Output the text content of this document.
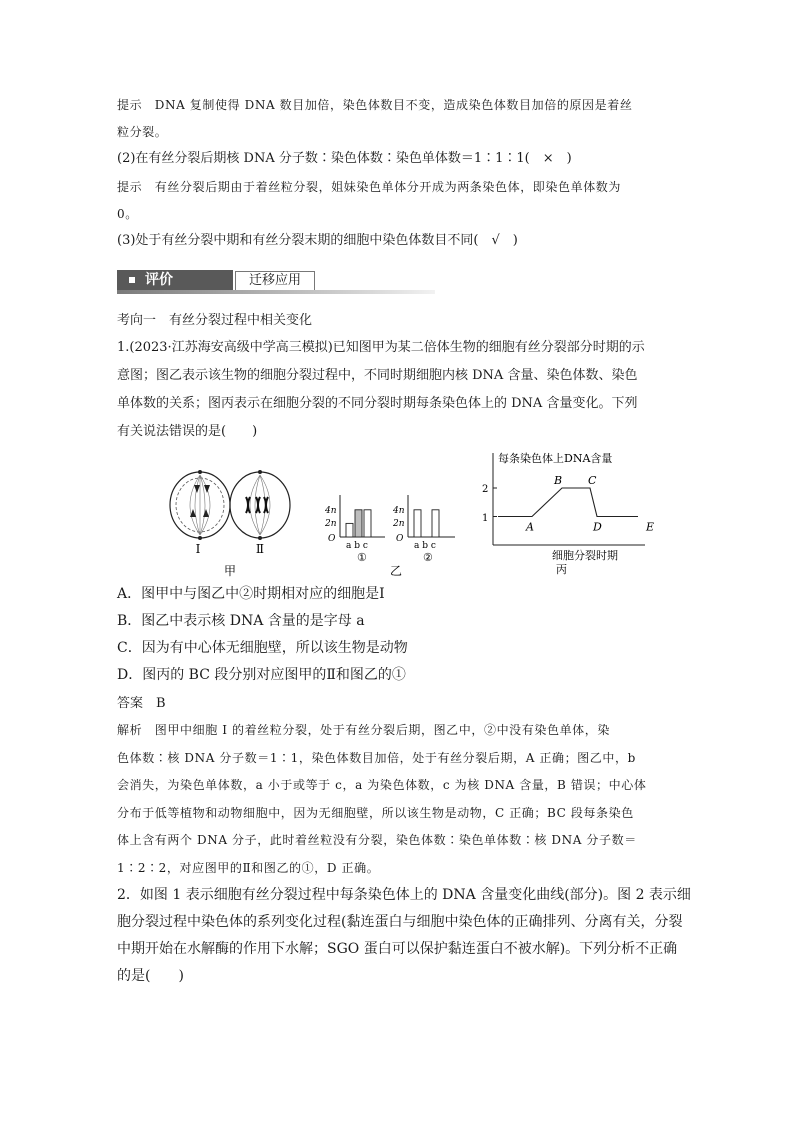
提示　DNA 复制使得 DNA 数目加倍，染色体数目不变，造成染色体数目加倍的原因是着丝
粒分裂。
(2)在有丝分裂后期核 DNA 分子数∶染色体数∶染色单体数＝1∶1∶1(　×　)
提示　有丝分裂后期由于着丝粒分裂，姐妹染色单体分开成为两条染色体，即染色单体数为
0。
(3)处于有丝分裂中期和有丝分裂末期的细胞中染色体数目不同(　√　)
评价	迁移应用
考向一　有丝分裂过程中相关变化
1.(2023·江苏海安高级中学高三模拟)已知图甲为某二倍体生物的细胞有丝分裂部分时期的示
意图；图乙表示该生物的细胞分裂过程中，不同时期细胞内核 DNA 含量、染色体数、染色
单体数的关系；图丙表示在细胞分裂的不同分裂时期每条染色体上的 DNA 含量变化。下列
有关说法错误的是(　　)
Ⅰ	Ⅱ
甲
4n
2n
O
a b c
①
4n
2n
O
a b c
②
乙
每条染色体上DNA含量
2
1
A
B C
D	E
细胞分裂时期
丙
A．图甲中与图乙中②时期相对应的细胞是Ⅰ
B．图乙中表示核 DNA 含量的是字母 a
C．因为有中心体无细胞壁，所以该生物是动物
D．图丙的 BC 段分别对应图甲的Ⅱ和图乙的①
答案　B
解析　图甲中细胞 Ⅰ 的着丝粒分裂，处于有丝分裂后期，图乙中，②中没有染色单体，染
色体数∶核 DNA 分子数＝1∶1，染色体数目加倍，处于有丝分裂后期，A 正确；图乙中，b
会消失，为染色单体数，a 小于或等于 c，a 为染色体数，c 为核 DNA 含量，B 错误；中心体
分布于低等植物和动物细胞中，因为无细胞壁，所以该生物是动物，C 正确；BC 段每条染色
体上含有两个 DNA 分子，此时着丝粒没有分裂，染色体数∶染色单体数∶核 DNA 分子数＝
1∶2∶2，对应图甲的Ⅱ和图乙的①，D 正确。
2．如图 1 表示细胞有丝分裂过程中每条染色体上的 DNA 含量变化曲线(部分)。图 2 表示细
胞分裂过程中染色体的系列变化过程(黏连蛋白与细胞中染色体的正确排列、分离有关，分裂
中期开始在水解酶的作用下水解；SGO 蛋白可以保护黏连蛋白不被水解)。下列分析不正确
的是(　　)
